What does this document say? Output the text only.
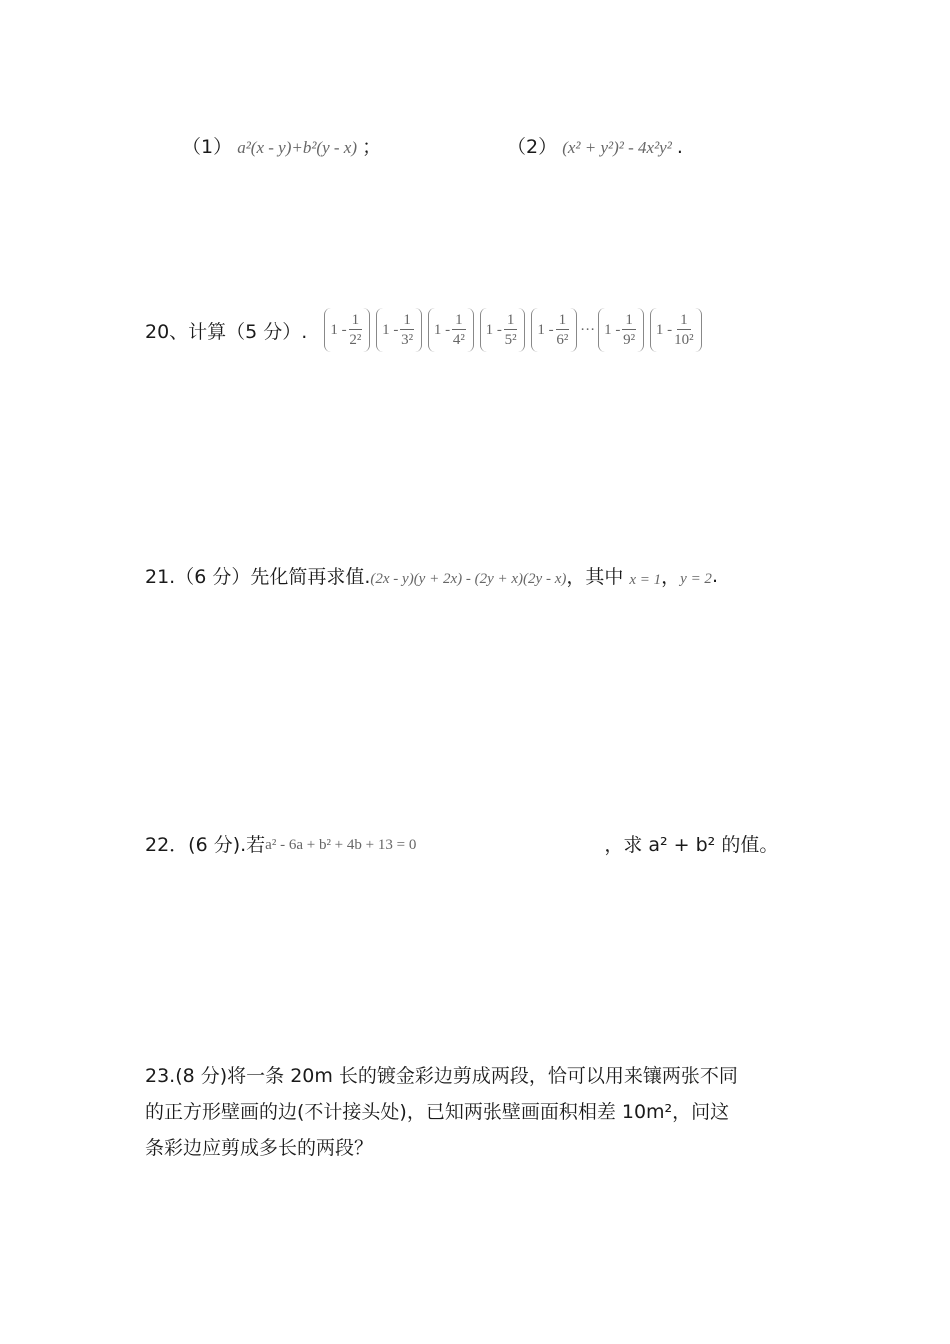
（1） a²(x - y)+b²(y - x) ；	（2） (x² + y²)² - 4x²y² .
20、计算（5 分）. $1 - \frac{1}{\text{2²}} 1 - \frac{1}{\text{3²}} 1 - \frac{1}{\text{4²}} 1 - \frac{1}{\text{5²}} 1 - \frac{1}{\text{6²}}$ ··· $1 - \frac{1}{\text{9²}} 1 - \frac{1}{\text{10²}}$
21.（6 分）先化简再求值. (2x - y)(y + 2x) - (2y + x)(2y - x) ，其中 x = 1 ， y = 2 .
22．(6 分).若 a² - 6a + b² + 4b + 13 = 0	，求 a² + b² 的值。

23.(8 分)将一条 20m 长的镀金彩边剪成两段，恰可以用来镶两张不同

的正方形壁画的边(不计接头处)，已知两张壁画面积相差 10m²，问这

条彩边应剪成多长的两段？
